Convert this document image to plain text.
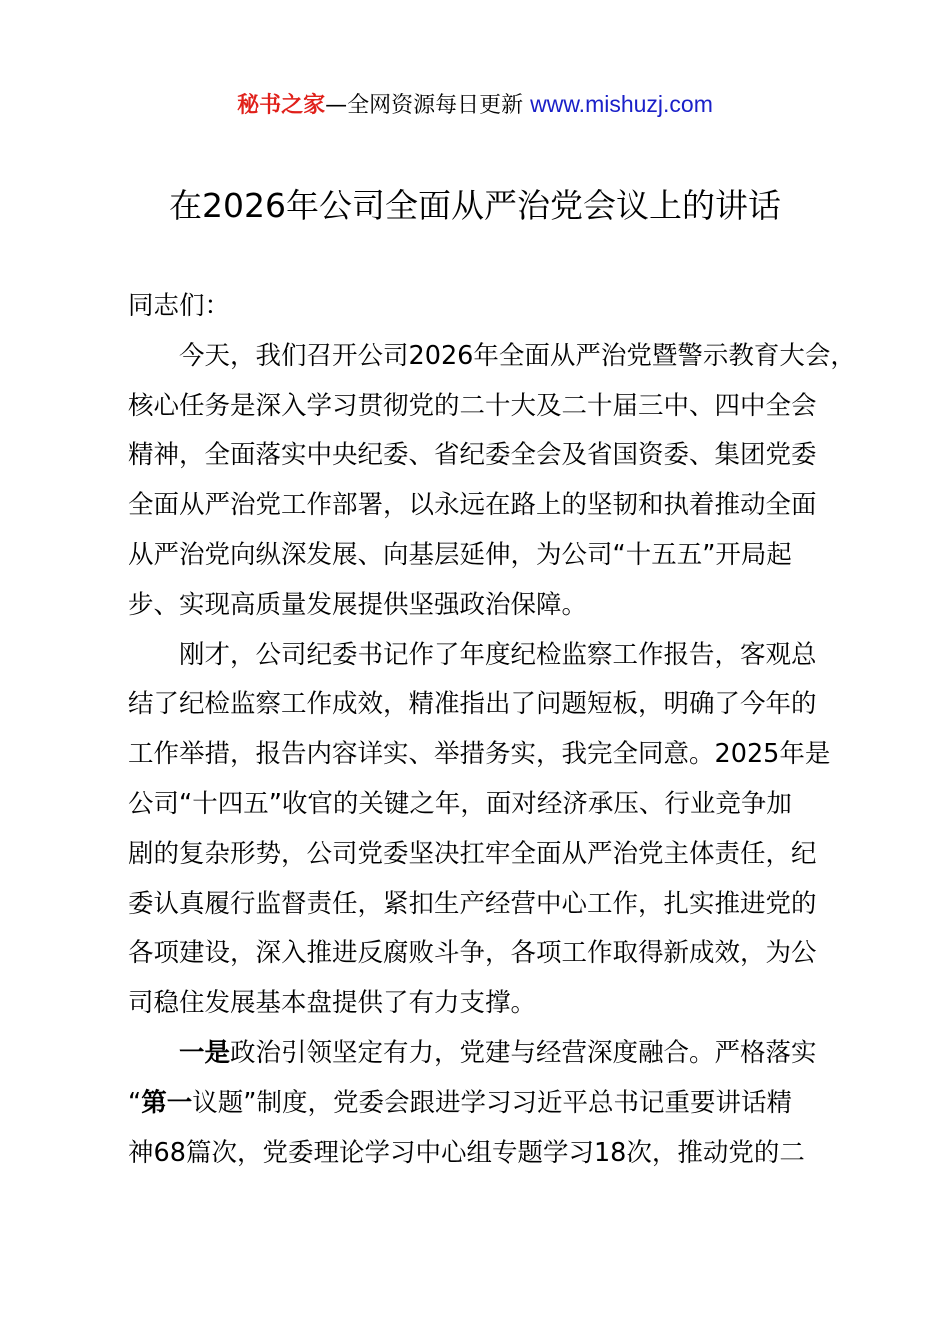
秘书之家—全网资源每日更新 www.mishuzj.com
在2026年公司全面从严治党会议上的讲话
同志们：
今天，我们召开公司2026年全面从严治党暨警示教育大会，
核心任务是深入学习贯彻党的二十大及二十届三中、四中全会
精神，全面落实中央纪委、省纪委全会及省国资委、集团党委
全面从严治党工作部署，以永远在路上的坚韧和执着推动全面
从严治党向纵深发展、向基层延伸，为公司“十五五”开局起
步、实现高质量发展提供坚强政治保障。
刚才，公司纪委书记作了年度纪检监察工作报告，客观总
结了纪检监察工作成效，精准指出了问题短板，明确了今年的
工作举措，报告内容详实、举措务实，我完全同意。2025年是
公司“十四五”收官的关键之年，面对经济承压、行业竞争加
剧的复杂形势，公司党委坚决扛牢全面从严治党主体责任，纪
委认真履行监督责任，紧扣生产经营中心工作，扎实推进党的
各项建设，深入推进反腐败斗争，各项工作取得新成效，为公
司稳住发展基本盘提供了有力支撑。
一是政治引领坚定有力，党建与经营深度融合。严格落实
“第一议题”制度，党委会跟进学习习近平总书记重要讲话精
神68篇次，党委理论学习中心组专题学习18次，推动党的二
